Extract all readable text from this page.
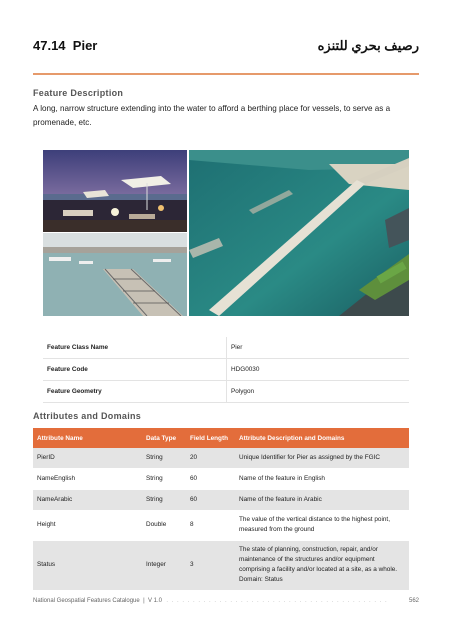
47.14 Pier	رصيف بحري للتنزه
Feature Description
A long, narrow structure extending into the water to afford a berthing place for vessels, to serve as a promenade, etc.
Feature Class Name	Pier
Feature Code	HDG0030
Feature Geometry	Polygon
Attributes and Domains
Attribute Name	Data Type	Field Length	Attribute Description and Domains
PierID	String	20	Unique Identifier for Pier as assigned by the FGIC
NameEnglish	String	60	Name of the feature in English
NameArabic	String	60	Name of the feature in Arabic
Height	Double	8	The value of the vertical distance to the highest point, measured from the ground
Status	Integer	3	The state of planning, construction, repair, and/or maintenance of the structures and/or equipment comprising a facility and/or located at a site, as a whole. Domain: Status
National Geospatial Features Catalogue | V 1.0  . . . . . . . . . . . . . . . . . . . . . . . . . . . . . . . . . . . . . . . . . .	562
